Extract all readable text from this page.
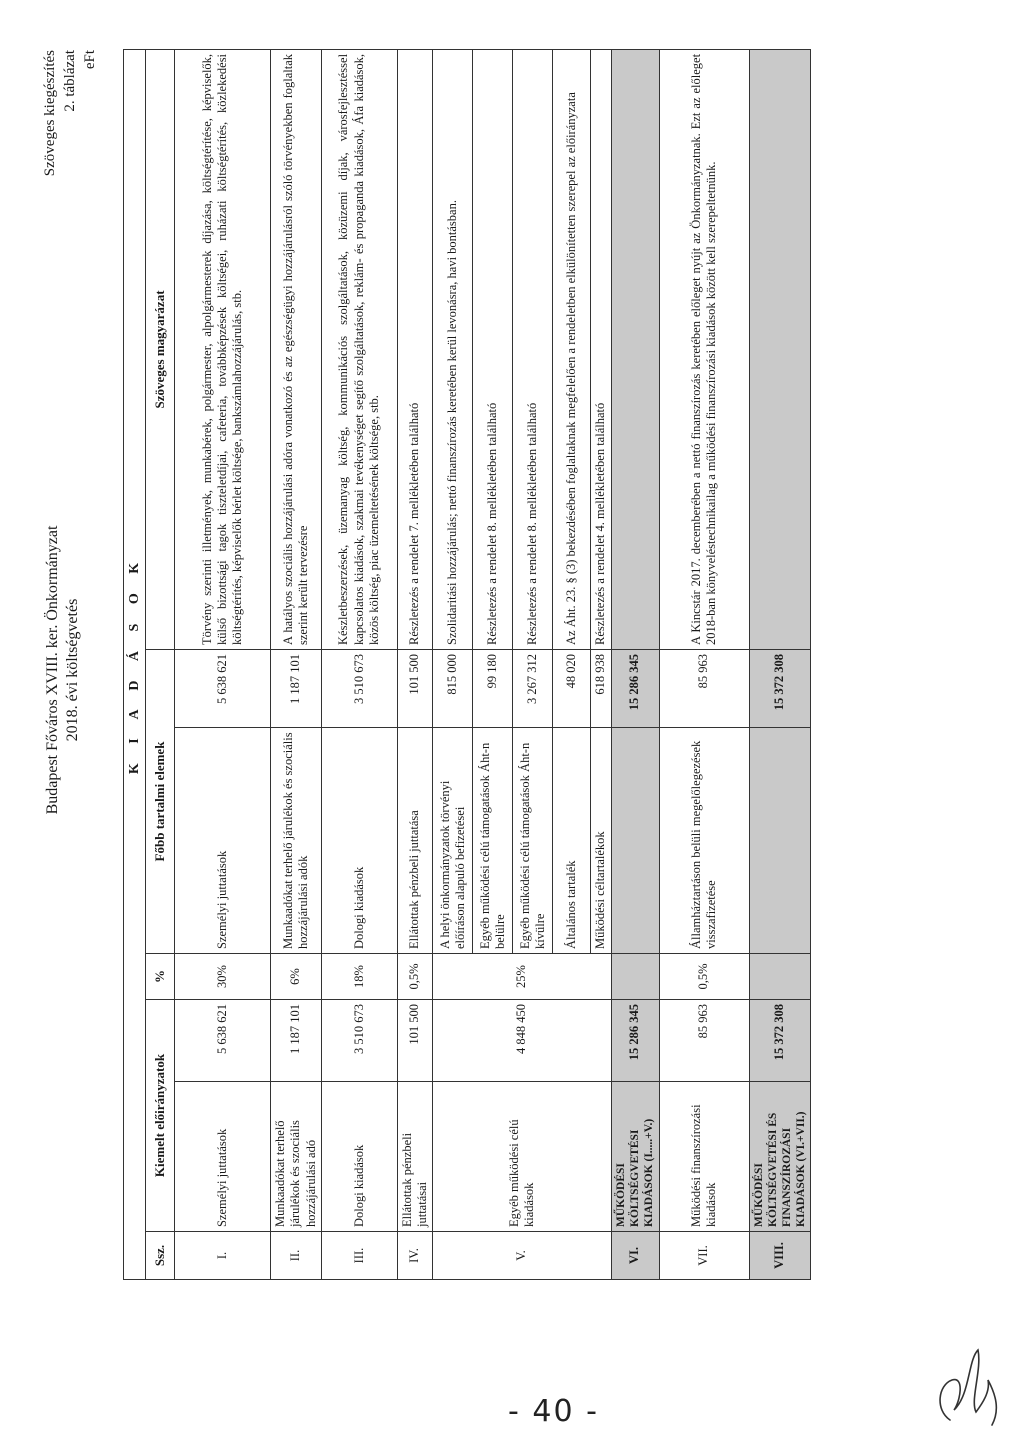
Budapest Főváros XVIII. ker. Önkormányzat 2018. évi költségvetés
Szöveges kiegészítés 2. táblázat eFt
K I A D Á S O K						
Ssz.	Kiemelt előirányzatok		%	Főbb tartalmi elemek		Szöveges magyarázat
I.	Személyi juttatások	5 638 621	30%	Személyi juttatások	5 638 621	Törvény szerinti illetmények, munkabérek, polgármester, alpolgármesterek díjazása, költségtérítése, képviselők, külső bizottsági tagok tiszteletdíjai, cafeteria, továbbképzések költségei, ruházati költségtérítés, közlekedési költségtérítés, képviselők bérlet költsége, bankszámlahozzájárulás, stb.
II.	Munkaadókat terhelő járulékok és szociális hozzájárulási adó	1 187 101	6%	Munkaadókat terhelő járulékok és szociális hozzájárulási adók	1 187 101	A hatályos szociális hozzájárulási adóra vonatkozó és az egészségügyi hozzájárulásról szóló törvényekben foglaltak szerint került tervezésre
III.	Dologi kiadások	3 510 673	18%	Dologi kiadások	3 510 673	Készletbeszerzések, üzemanyag költség, kommunikációs szolgáltatások, közüzemi díjak, városfejlesztéssel kapcsolatos kiadások, szakmai tevékenységet segítő szolgáltatások, reklám- és propaganda kiadások, Áfa kiadások, közös költség, piac üzemeltetésének költsége, stb.
IV.	Ellátottak pénzbeli juttatásai	101 500	0,5%	Ellátottak pénzbeli juttatása	101 500	Részletezés a rendelet 7. mellékletében található
V.	Egyéb működési célú kiadások	4 848 450	25%	A helyi önkormányzatok törvényi előíráson alapuló befizetései	815 000	Szolidaritási hozzájárulás; nettó finanszírozás keretében kerül levonásra, havi bontásban.
				Egyéb működési célú támogatások Áht-n belülre	99 180	Részletezés a rendelet 8. mellékletében található
				Egyéb működési célú támogatások Áht-n kívülre	3 267 312	Részletezés a rendelet 8. mellékletében található
				Általános tartalék	48 020	Az Áht. 23. § (3) bekezdésében foglaltaknak megfelelően a rendeletben elkülönítetten szerepel az előirányzata
				Működési céltartalékok	618 938	Részletezés a rendelet 4. mellékletében található
VI.	MŰKÖDÉSI KÖLTSÉGVETÉSI KIADÁSOK (I.....+V.)	15 286 345			15 286 345	
VII.	Működési finanszírozási kiadások	85 963	0,5%	Államháztartáson belüli megelőlegezések visszafizetése	85 963	A Kincstár 2017. decemberében a nettó finanszírozás keretében előleget nyújt az Önkormányzatnak. Ezt az előleget 2018-ban könyveléstechnikailag a működési finanszírozási kiadások között kell szerepeltetnünk.
VIII.	MŰKÖDÉSI KÖLTSÉGVETÉSI ÉS FINANSZÍROZÁSI KIADÁSOK (VI.+VII.)	15 372 308			15 372 308	
- 40 -
